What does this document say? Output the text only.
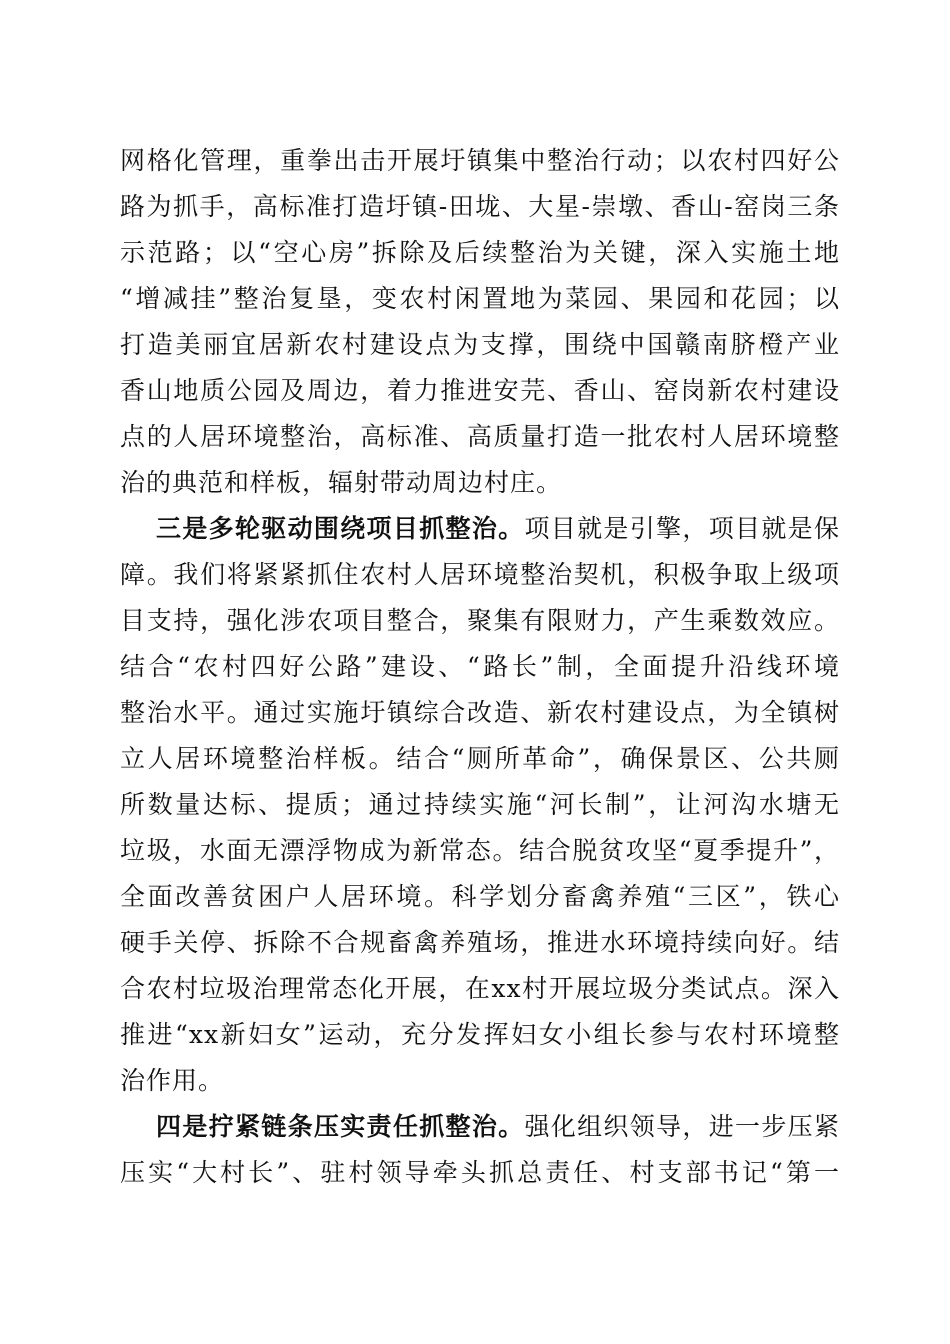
网格化管理，重拳出击开展圩镇集中整治行动；以农村四好公
路为抓手，高标准打造圩镇-田垅、大星-崇墩、香山-窑岗三条
示范路；以“空心房”拆除及后续整治为关键，深入实施土地
“增减挂”整治复垦，变农村闲置地为菜园、果园和花园；以
打造美丽宜居新农村建设点为支撑，围绕中国赣南脐橙产业
香山地质公园及周边，着力推进安芫、香山、窑岗新农村建设
点的人居环境整治，高标准、高质量打造一批农村人居环境整
治的典范和样板，辐射带动周边村庄。
三是多轮驱动围绕项目抓整治。项目就是引擎，项目就是保
障。我们将紧紧抓住农村人居环境整治契机，积极争取上级项
目支持，强化涉农项目整合，聚集有限财力，产生乘数效应。
结合“农村四好公路”建设、“路长”制，全面提升沿线环境
整治水平。通过实施圩镇综合改造、新农村建设点，为全镇树
立人居环境整治样板。结合“厕所革命”，确保景区、公共厕
所数量达标、提质；通过持续实施“河长制”，让河沟水塘无
垃圾，水面无漂浮物成为新常态。结合脱贫攻坚“夏季提升”，
全面改善贫困户人居环境。科学划分畜禽养殖“三区”，铁心
硬手关停、拆除不合规畜禽养殖场，推进水环境持续向好。结
合农村垃圾治理常态化开展，在xx村开展垃圾分类试点。深入
推进“xx新妇女”运动，充分发挥妇女小组长参与农村环境整
治作用。
四是拧紧链条压实责任抓整治。强化组织领导，进一步压紧
压实“大村长”、驻村领导牵头抓总责任、村支部书记“第一
